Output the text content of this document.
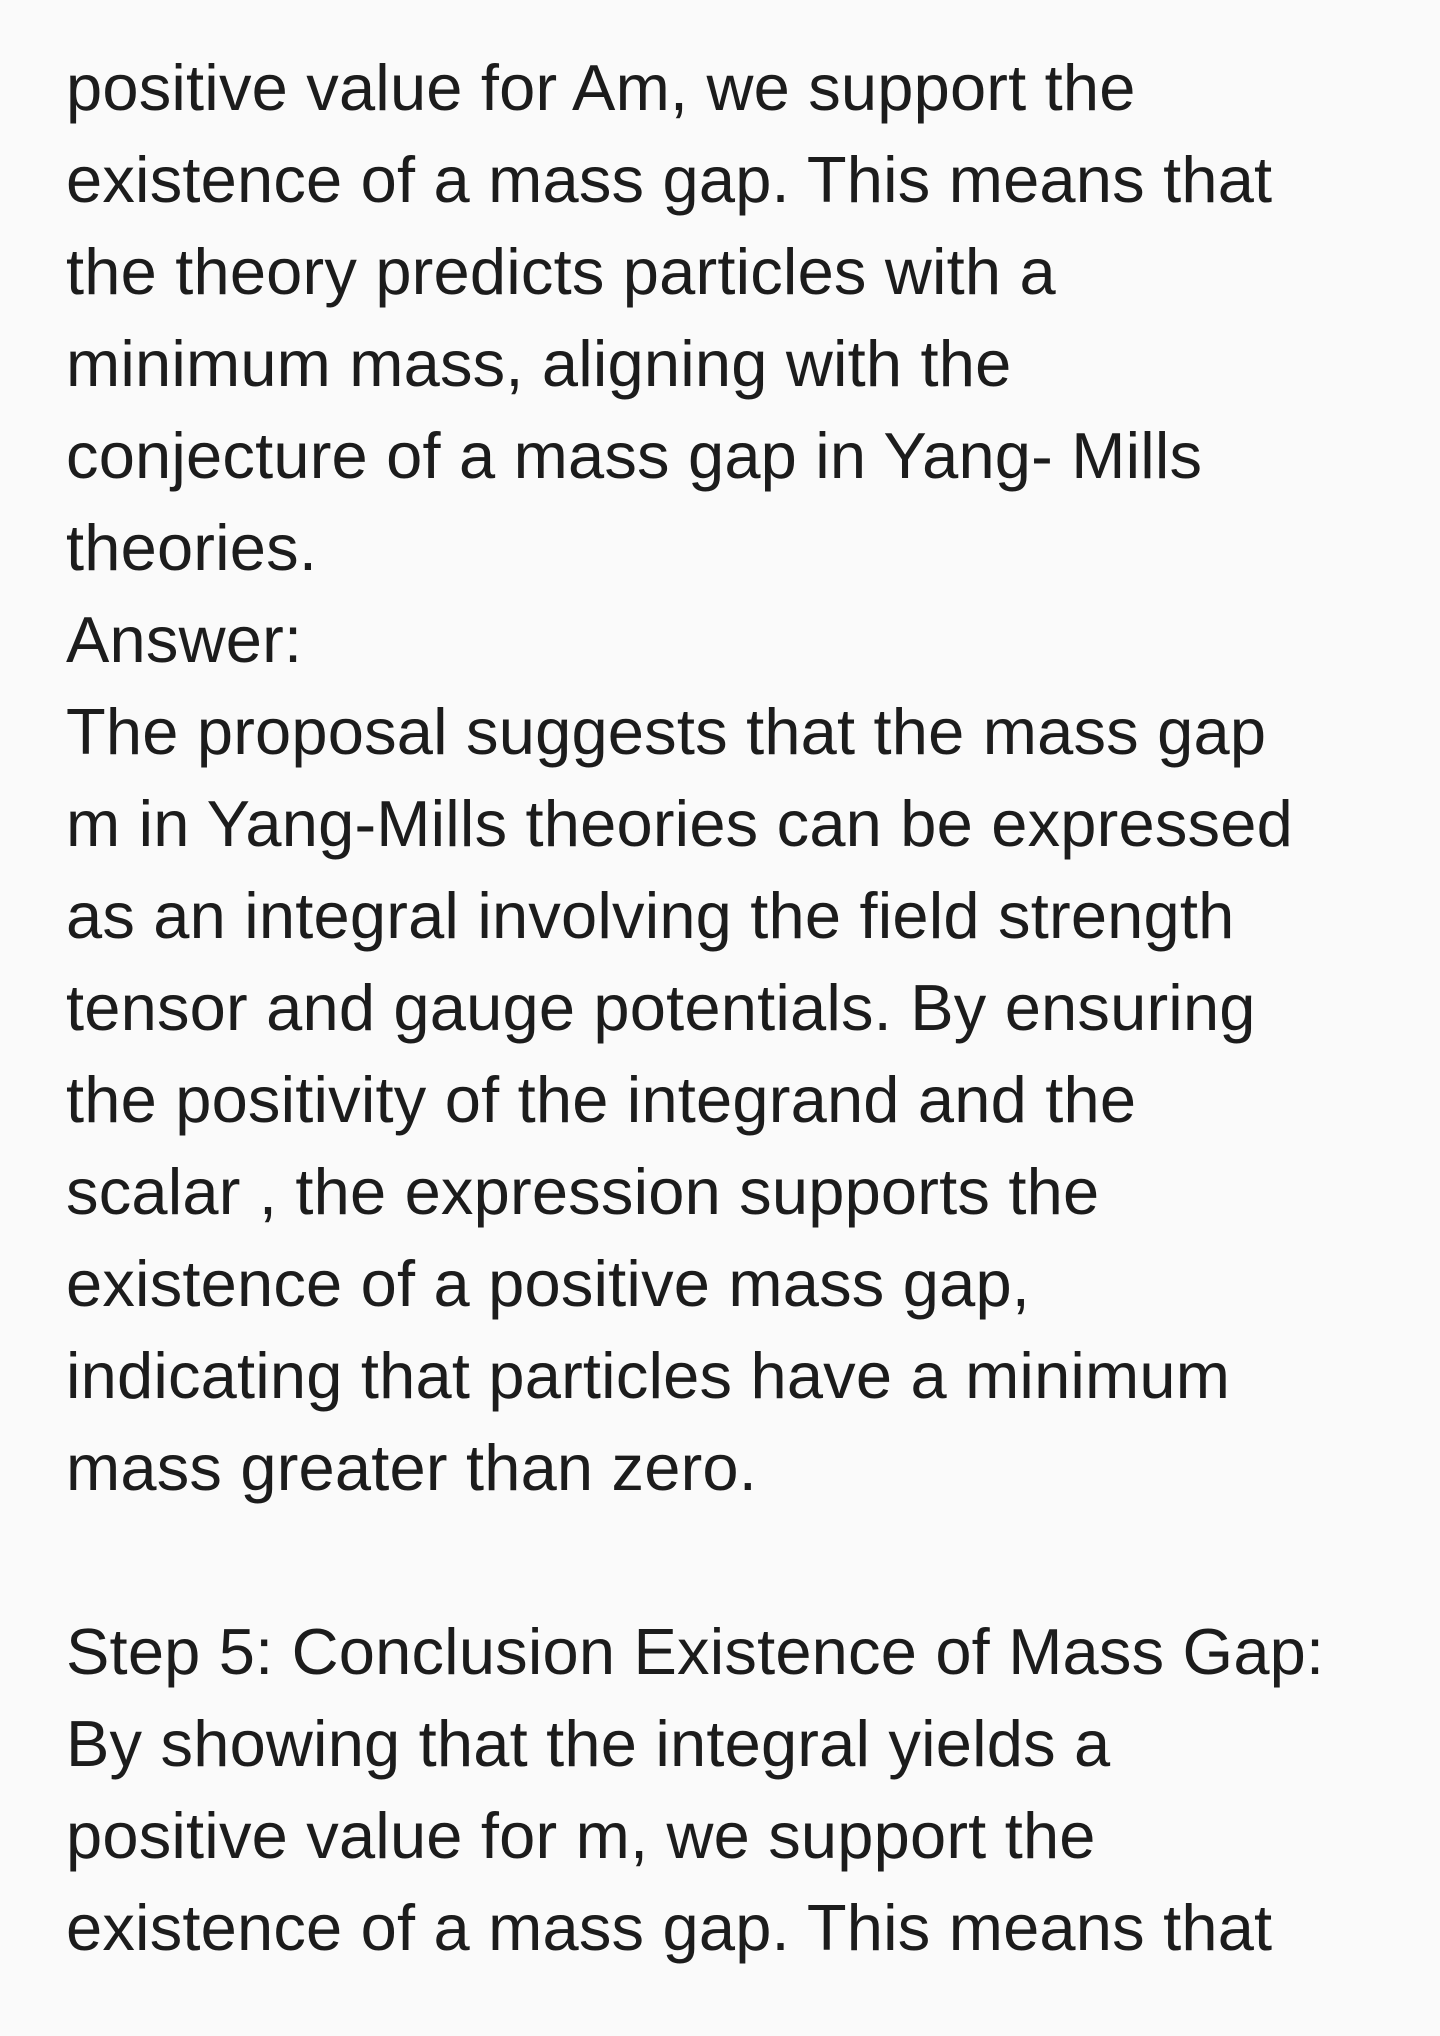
positive value for Am, we support the
existence of a mass gap. This means that
the theory predicts particles with a
minimum mass, aligning with the
conjecture of a mass gap in Yang- Mills
theories.
Answer:
The proposal suggests that the mass gap
m in Yang-Mills theories can be expressed
as an integral involving the field strength
tensor and gauge potentials. By ensuring
the positivity of the integrand and the
scalar , the expression supports the
existence of a positive mass gap,
indicating that particles have a minimum
mass greater than zero.
Step 5: Conclusion Existence of Mass Gap:
By showing that the integral yields a
positive value for m, we support the
existence of a mass gap. This means that
